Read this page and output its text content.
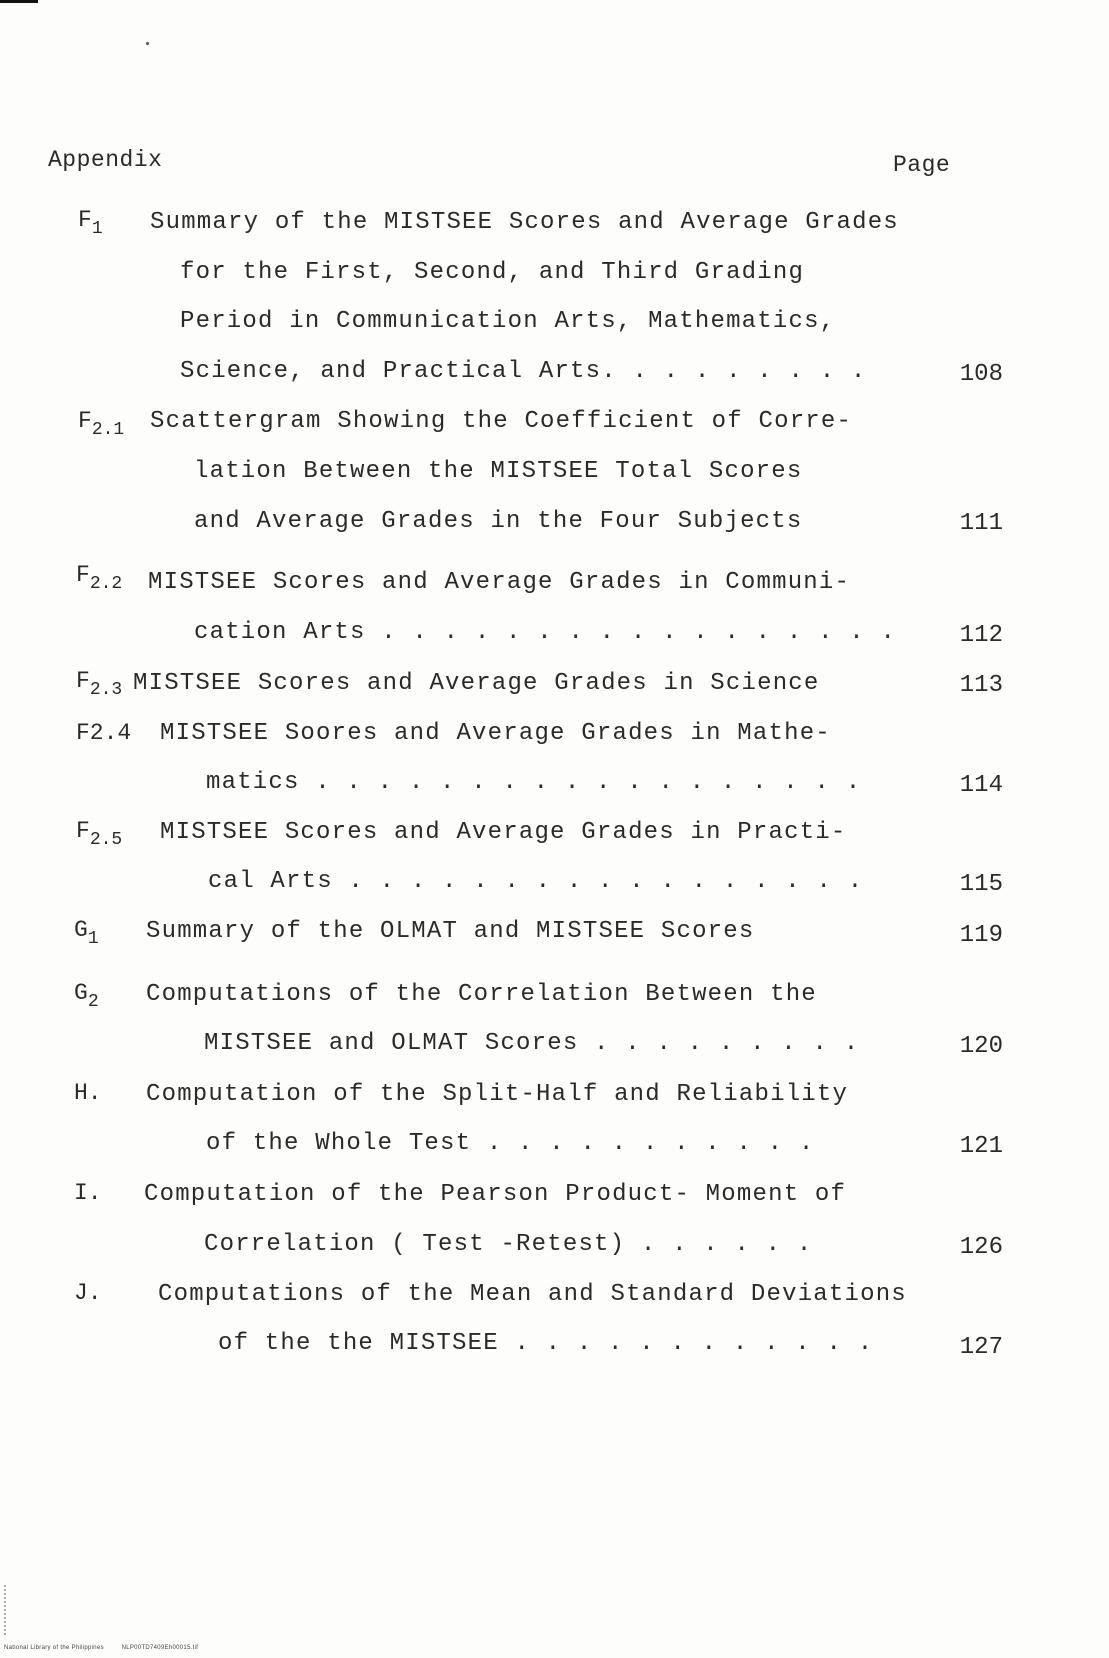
Appendix	Page
$F_1$ Summary of the MISTSEE Scores and Average Grades
for the First, Second, and Third Grading
Period in Communication Arts, Mathematics,
Science, and Practical Arts. . . . . . . . .	108
$F_{2.1}$ Scattergram Showing the Coefficient of Corre-
lation Between the MISTSEE Total Scores
and Average Grades in the Four Subjects	111
$F_{2.2}$ MISTSEE Scores and Average Grades in Communi-
cation Arts . . . . . . . . . . . . . . . . .	112
$F_{2.3}$ MISTSEE Scores and Average Grades in Science	113
F2.4 MISTSEE Soores and Average Grades in Mathe-
matics . . . . . . . . . . . . . . . . . .	114
$F_{2.5}$ MISTSEE Scores and Average Grades in Practi-
cal Arts . . . . . . . . . . . . . . . . .	115
$G_1$ Summary of the OLMAT and MISTSEE Scores	119
$G_2$ Computations of the Correlation Between the
MISTSEE and OLMAT Scores . . . . . . . . .	120
H. Computation of the Split-Half and Reliability
of the Whole Test . . . . . . . . . . .	121
I. Computation of the Pearson Product- Moment of
Correlation ( Test -Retest) . . . . . .	126
J. Computations of the Mean and Standard Deviations
of the the MISTSEE . . . . . . . . . . . .	127
National Library of the Philippines	NLP00TD7409Eh00015.tif
